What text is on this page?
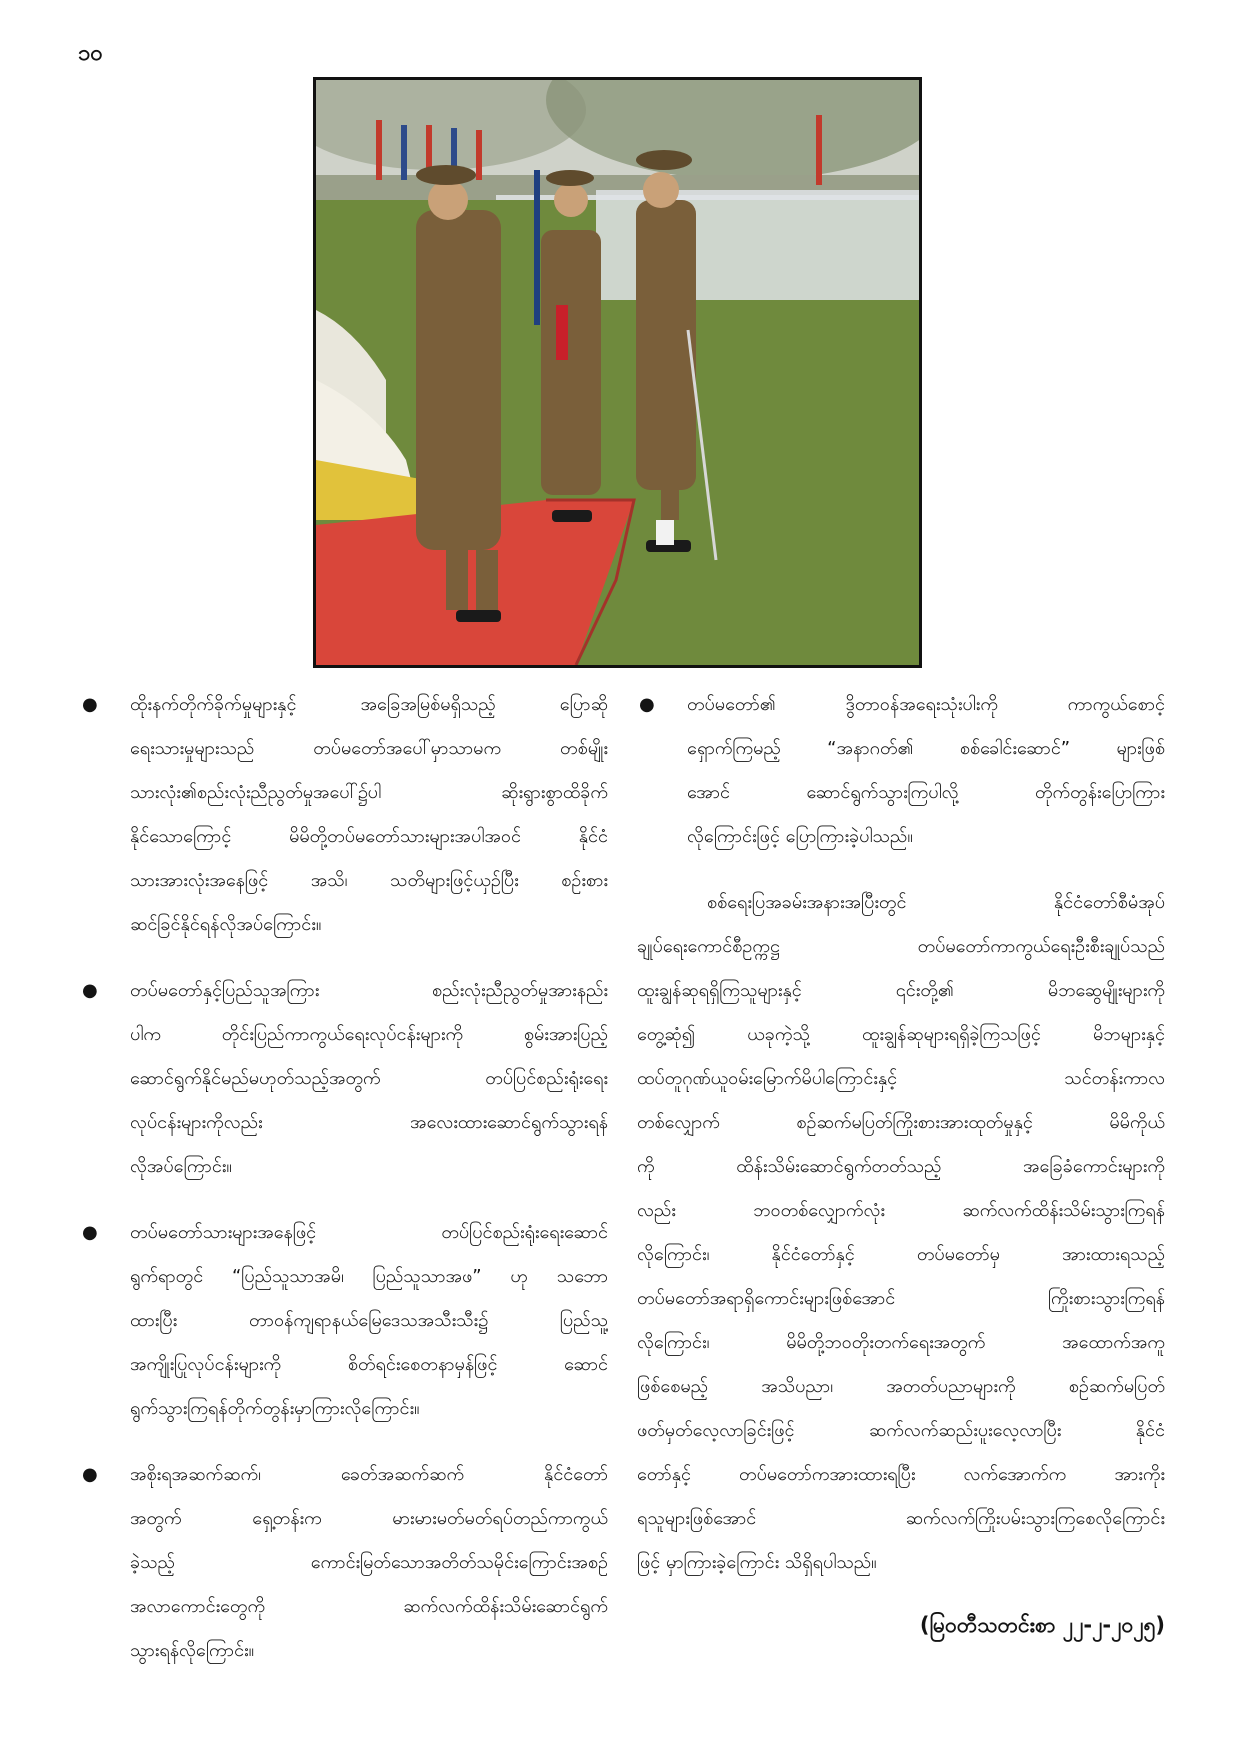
၁၀
● ထိုးနက်တိုက်ခိုက်မှုများနှင့် အခြေအမြစ်မရှိသည့် ပြောဆို
ရေးသားမှုများသည် တပ်မတော်အပေါ်မှာသာမက တစ်မျိုး
သားလုံး၏စည်းလုံးညီညွတ်မှုအပေါ်၌ပါ ဆိုးရွားစွာထိခိုက်
နိုင်သောကြောင့် မိမိတို့တပ်မတော်သားများအပါအဝင် နိုင်ငံ
သားအားလုံးအနေဖြင့် အသိ၊ သတိများဖြင့်ယှဉ်ပြီး စဉ်းစား
ဆင်ခြင်နိုင်ရန်လိုအပ်ကြောင်း။
● တပ်မတော်နှင့်ပြည်သူအကြား စည်းလုံးညီညွတ်မှုအားနည်း
ပါက တိုင်းပြည်ကာကွယ်ရေးလုပ်ငန်းများကို စွမ်းအားပြည့်
ဆောင်ရွက်နိုင်မည်မဟုတ်သည့်အတွက် တပ်ပြင်စည်းရုံးရေး
လုပ်ငန်းများကိုလည်း အလေးထားဆောင်ရွက်သွားရန်
လိုအပ်ကြောင်း။
● တပ်မတော်သားများအနေဖြင့် တပ်ပြင်စည်းရုံးရေးဆောင်
ရွက်ရာတွင် “ပြည်သူသာအမိ၊ ပြည်သူသာအဖ” ဟု သဘော
ထားပြီး တာဝန်ကျရာနယ်မြေဒေသအသီးသီး၌ ပြည်သူ့
အကျိုးပြုလုပ်ငန်းများကို စိတ်ရင်းစေတနာမှန်ဖြင့် ဆောင်
ရွက်သွားကြရန်တိုက်တွန်းမှာကြားလိုကြောင်း။
● အစိုးရအဆက်ဆက်၊ ခေတ်အဆက်ဆက် နိုင်ငံတော်
အတွက် ရှေ့တန်းက မားမားမတ်မတ်ရပ်တည်ကာကွယ်
ခဲ့သည့် ကောင်းမြတ်သောအတိတ်သမိုင်းကြောင်းအစဉ်
အလာကောင်းတွေကို ဆက်လက်ထိန်းသိမ်းဆောင်ရွက်
သွားရန်လိုကြောင်း။
● တပ်မတော်၏ ဒွိတာဝန်အရေးသုံးပါးကို ကာကွယ်စောင့်
ရှောက်ကြမည့် “အနာဂတ်၏ စစ်ခေါင်းဆောင်” များဖြစ်
အောင် ဆောင်ရွက်သွားကြပါလို့ တိုက်တွန်းပြောကြား
လိုကြောင်းဖြင့် ပြောကြားခဲ့ပါသည်။
စစ်ရေးပြအခမ်းအနားအပြီးတွင် နိုင်ငံတော်စီမံအုပ်
ချုပ်ရေးကောင်စီဥက္ကဋ္ဌ တပ်မတော်ကာကွယ်ရေးဦးစီးချုပ်သည်
ထူးချွန်ဆုရရှိကြသူများနှင့် ၎င်းတို့၏ မိဘဆွေမျိုးများကို
တွေ့ဆုံ၍ ယခုကဲ့သို့ ထူးချွန်ဆုများရရှိခဲ့ကြသဖြင့် မိဘများနှင့်
ထပ်တူဂုဏ်ယူဝမ်းမြောက်မိပါကြောင်းနှင့် သင်တန်းကာလ
တစ်လျှောက် စဉ်ဆက်မပြတ်ကြိုးစားအားထုတ်မှုနှင့် မိမိကိုယ်
ကို ထိန်းသိမ်းဆောင်ရွက်တတ်သည့် အခြေခံကောင်းများကို
လည်း ဘဝတစ်လျှောက်လုံး ဆက်လက်ထိန်းသိမ်းသွားကြရန်
လိုကြောင်း၊ နိုင်ငံတော်နှင့် တပ်မတော်မှ အားထားရသည့်
တပ်မတော်အရာရှိကောင်းများဖြစ်အောင် ကြိုးစားသွားကြရန်
လိုကြောင်း၊ မိမိတို့ဘဝတိုးတက်ရေးအတွက် အထောက်အကူ
ဖြစ်စေမည့် အသိပညာ၊ အတတ်ပညာများကို စဉ်ဆက်မပြတ်
ဖတ်မှတ်လေ့လာခြင်းဖြင့် ဆက်လက်ဆည်းပူးလေ့လာပြီး နိုင်ငံ
တော်နှင့် တပ်မတော်ကအားထားရပြီး လက်အောက်က အားကိုး
ရသူများဖြစ်အောင် ဆက်လက်ကြိုးပမ်းသွားကြစေလိုကြောင်း
ဖြင့် မှာကြားခဲ့ကြောင်း သိရှိရပါသည်။
(မြဝတီသတင်းစာ ၂၂-၂-၂၀၂၅)
